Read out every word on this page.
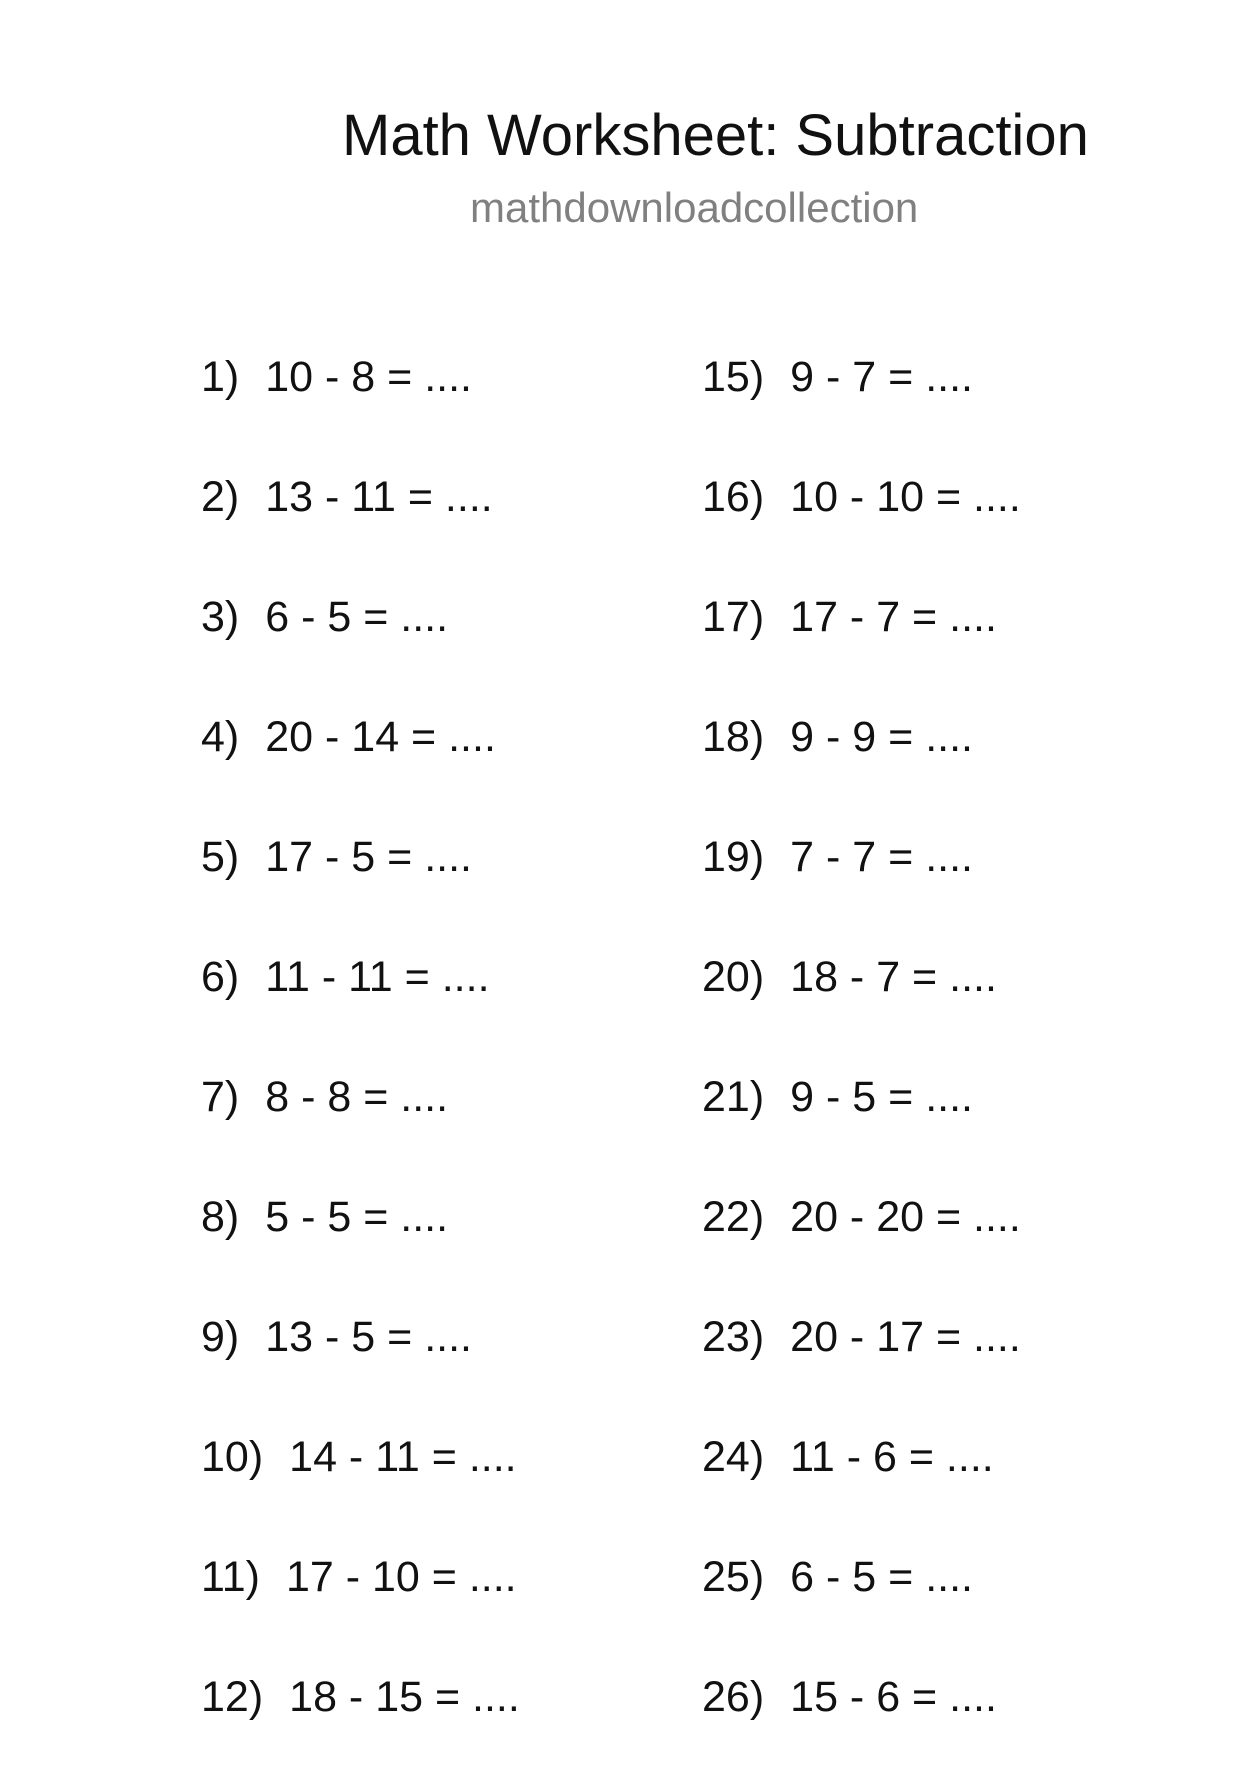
Math Worksheet: Subtraction
mathdownloadcollection
1) 10 - 8 = ....
2) 13 - 11 = ....
3) 6 - 5 = ....
4) 20 - 14 = ....
5) 17 - 5 = ....
6) 11 - 11 = ....
7) 8 - 8 = ....
8) 5 - 5 = ....
9) 13 - 5 = ....
10) 14 - 11 = ....
11) 17 - 10 = ....
12) 18 - 15 = ....
15) 9 - 7 = ....
16) 10 - 10 = ....
17) 17 - 7 = ....
18) 9 - 9 = ....
19) 7 - 7 = ....
20) 18 - 7 = ....
21) 9 - 5 = ....
22) 20 - 20 = ....
23) 20 - 17 = ....
24) 11 - 6 = ....
25) 6 - 5 = ....
26) 15 - 6 = ....
